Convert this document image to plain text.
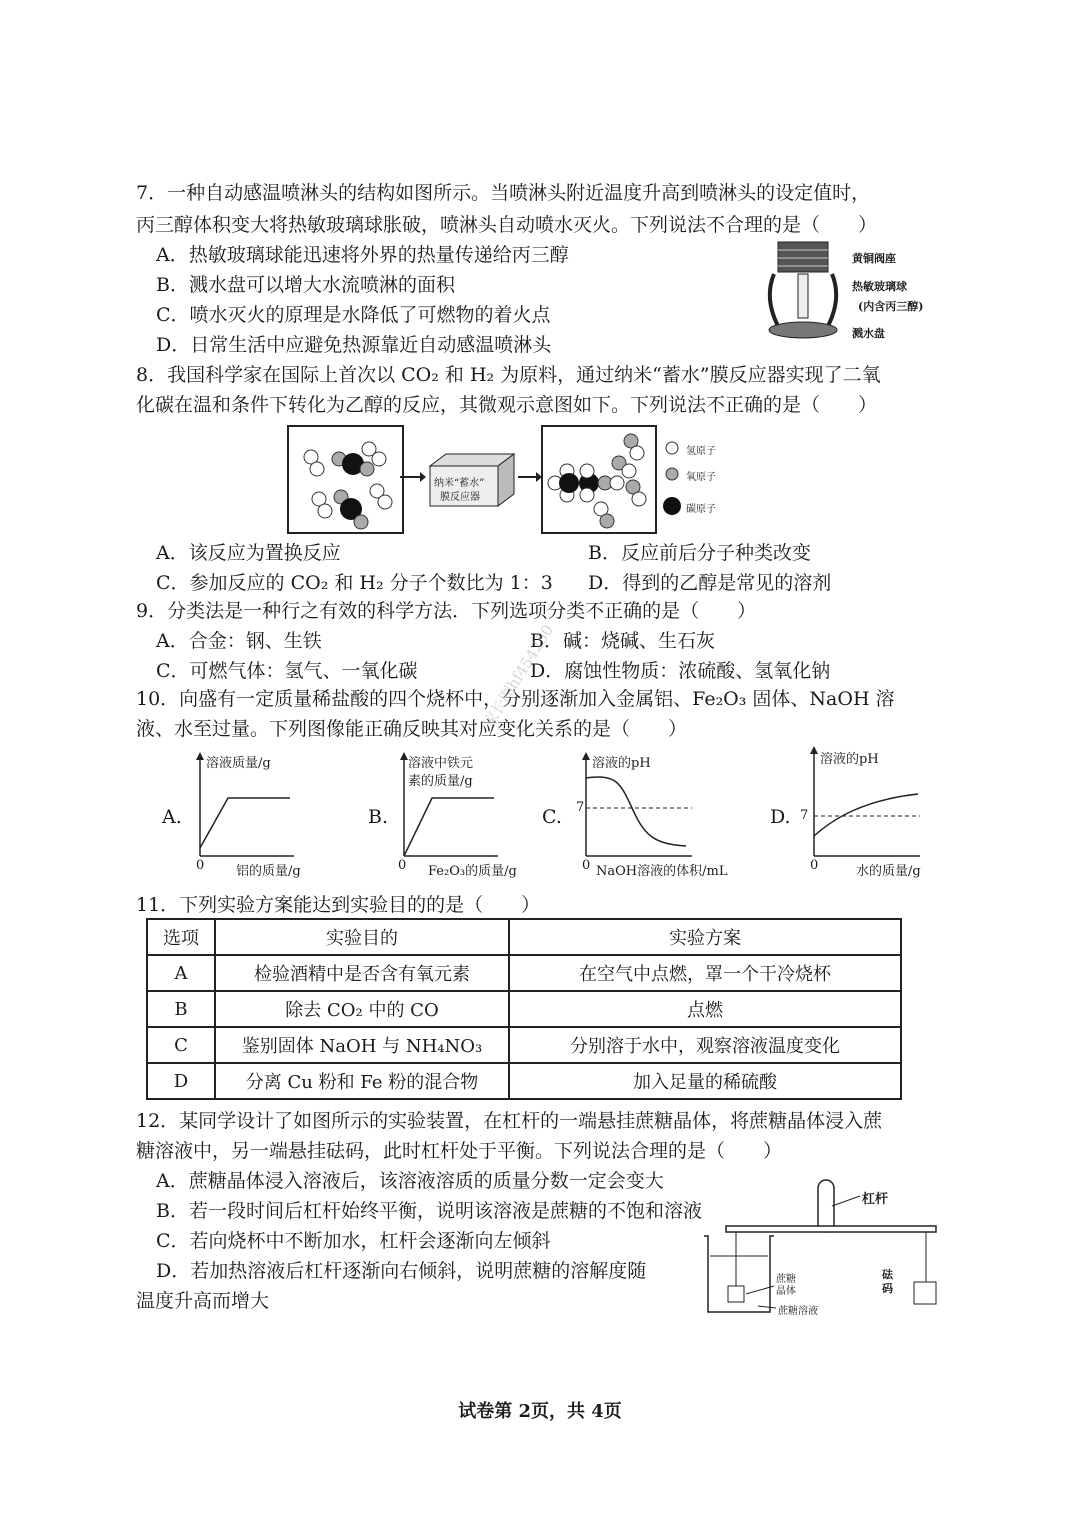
7．一种自动感温喷淋头的结构如图所示。当喷淋头附近温度升高到喷淋头的设定值时，
丙三醇体积变大将热敏玻璃球胀破，喷淋头自动喷水灭火。下列说法不合理的是（　　）
A．热敏玻璃球能迅速将外界的热量传递给丙三醇
B．溅水盘可以增大水流喷淋的面积
C．喷水灭火的原理是水降低了可燃物的着火点
D．日常生活中应避免热源靠近自动感温喷淋头
黄铜阀座
热敏玻璃球
(内含丙三醇)
溅水盘
8．我国科学家在国际上首次以 CO₂ 和 H₂ 为原料，通过纳米“蓄水”膜反应器实现了二氧
化碳在温和条件下转化为乙醇的反应，其微观示意图如下。下列说法不正确的是（　　）
纳米“蓄水”
膜反应器
氢原子
氧原子
碳原子
A．该反应为置换反应	B．反应前后分子种类改变
C．参加反应的 CO₂ 和 H₂ 分子个数比为 1：3 D．得到的乙醇是常见的溶剂
9．分类法是一种行之有效的科学方法．下列选项分类不正确的是（　　）
A．合金：钢、生铁	B．碱：烧碱、生石灰
C．可燃气体：氢气、一氧化碳	D．腐蚀性物质：浓硫酸、氢氧化钠
10．向盛有一定质量稀盐酸的四个烧杯中，分别逐渐加入金属铝、Fe₂O₃ 固体、NaOH 溶
液、水至过量。下列图像能正确反映其对应变化关系的是（　　）
A.
溶液质量/g
0 铝的质量/g
B.
溶液中铁元
素的质量/g
0 Fe₂O₃的质量/g
C.
溶液的pH
7
0 NaOH溶液的体积/mL
D.
溶液的pH
7
0	水的质量/g
家长圈hf454250
11．下列实验方案能达到实验目的的是（　　）
选项	实验目的	实验方案
A	检验酒精中是否含有氧元素	在空气中点燃，罩一个干冷烧杯
B	除去 CO₂ 中的 CO	点燃
C	鉴别固体 NaOH 与 NH₄NO₃	分别溶于水中，观察溶液温度变化
D	分离 Cu 粉和 Fe 粉的混合物	加入足量的稀硫酸
12．某同学设计了如图所示的实验装置，在杠杆的一端悬挂蔗糖晶体，将蔗糖晶体浸入蔗
糖溶液中，另一端悬挂砝码，此时杠杆处于平衡。下列说法合理的是（　　）
A．蔗糖晶体浸入溶液后，该溶液溶质的质量分数一定会变大
B．若一段时间后杠杆始终平衡，说明该溶液是蔗糖的不饱和溶液
C．若向烧杯中不断加水，杠杆会逐渐向左倾斜
D．若加热溶液后杠杆逐渐向右倾斜，说明蔗糖的溶解度随
温度升高而增大
杠杆
蔗糖
晶体
砝
码
蔗糖溶液
试卷第 2页，共 4页
